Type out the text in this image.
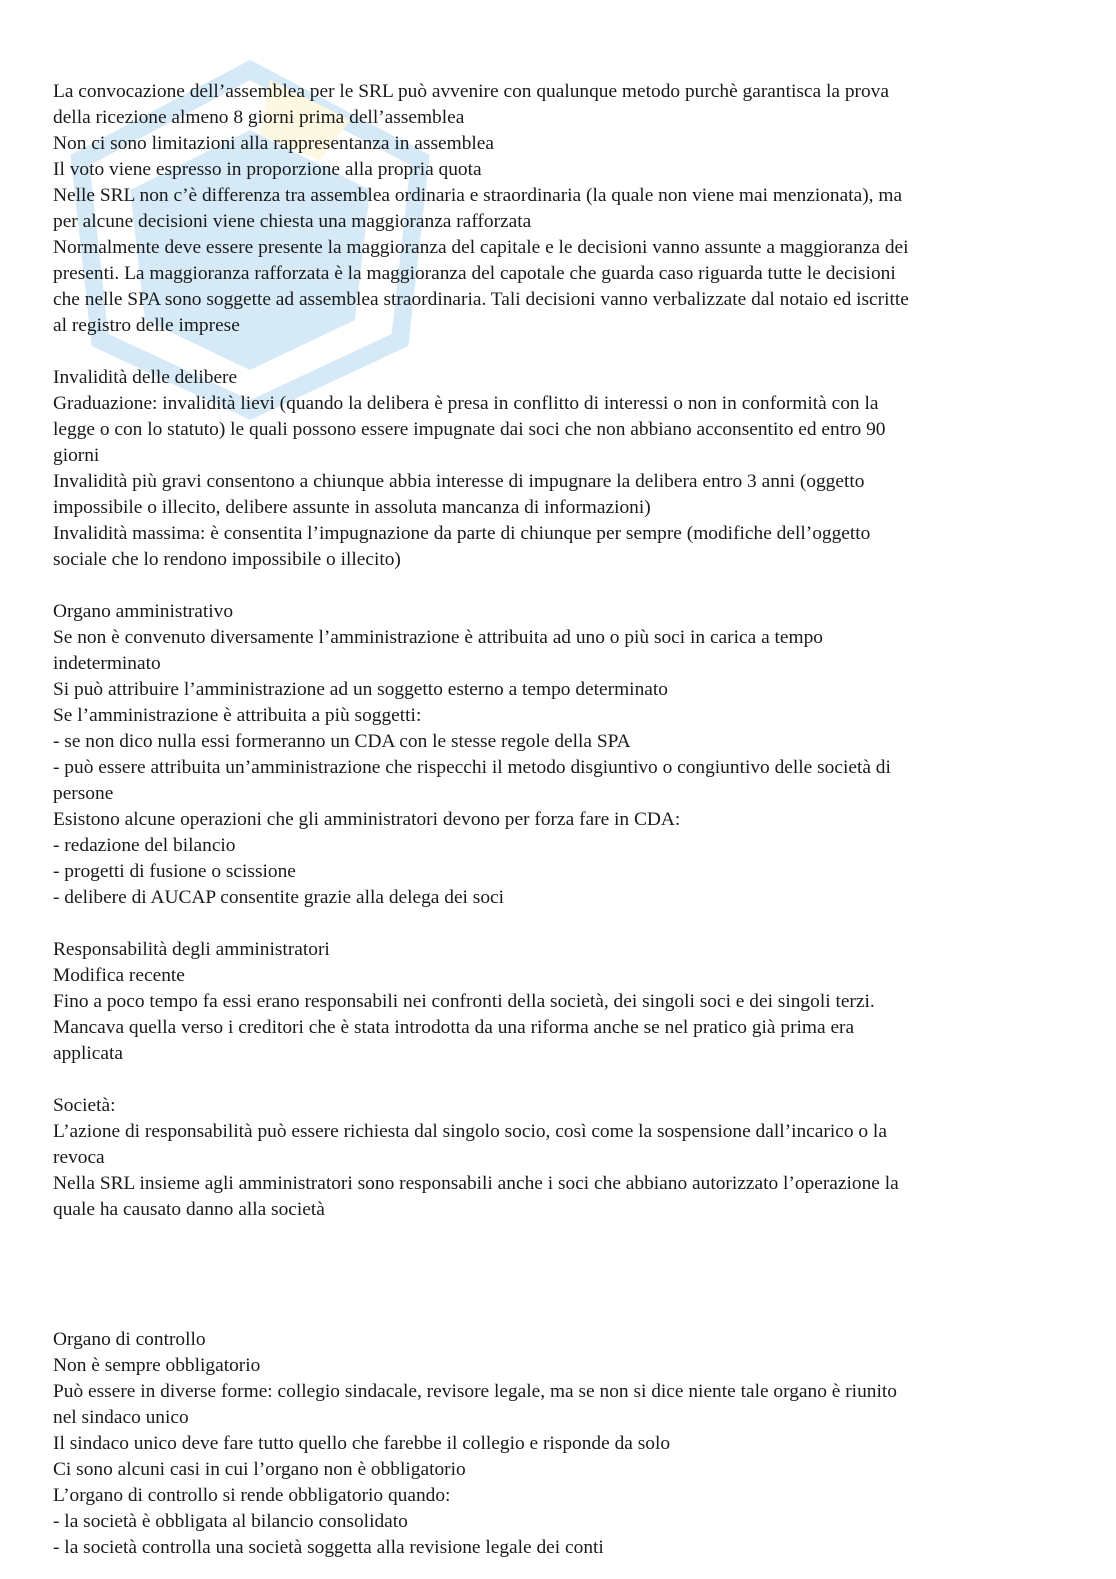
La convocazione dell’assemblea per le SRL può avvenire con qualunque metodo purchè garantisca la prova
della ricezione almeno 8 giorni prima dell’assemblea
Non ci sono limitazioni alla rappresentanza in assemblea
Il voto viene espresso in proporzione alla propria quota
Nelle SRL non c’è differenza tra assemblea ordinaria e straordinaria (la quale non viene mai menzionata), ma
per alcune decisioni viene chiesta una maggioranza rafforzata
Normalmente deve essere presente la maggioranza del capitale e le decisioni vanno assunte a maggioranza dei
presenti. La maggioranza rafforzata è la maggioranza del capotale che guarda caso riguarda tutte le decisioni
che nelle SPA sono soggette ad assemblea straordinaria. Tali decisioni vanno verbalizzate dal notaio ed iscritte
al registro delle imprese
Invalidità delle delibere
Graduazione: invalidità lievi (quando la delibera è presa in conflitto di interessi o non in conformità con la
legge o con lo statuto) le quali possono essere impugnate dai soci che non abbiano acconsentito ed entro 90
giorni
Invalidità più gravi consentono a chiunque abbia interesse di impugnare la delibera entro 3 anni (oggetto
impossibile o illecito, delibere assunte in assoluta mancanza di informazioni)
Invalidità massima: è consentita l’impugnazione da parte di chiunque per sempre (modifiche dell’oggetto
sociale che lo rendono impossibile o illecito)
Organo amministrativo
Se non è convenuto diversamente l’amministrazione è attribuita ad uno o più soci in carica a tempo
indeterminato
Si può attribuire l’amministrazione ad un soggetto esterno a tempo determinato
Se l’amministrazione è attribuita a più soggetti:
- se non dico nulla essi formeranno un CDA con le stesse regole della SPA
- può essere attribuita un’amministrazione che rispecchi il metodo disgiuntivo o congiuntivo delle società di
persone
Esistono alcune operazioni che gli amministratori devono per forza fare in CDA:
- redazione del bilancio
- progetti di fusione o scissione
- delibere di AUCAP consentite grazie alla delega dei soci
Responsabilità degli amministratori
Modifica recente
Fino a poco tempo fa essi erano responsabili nei confronti della società, dei singoli soci e dei singoli terzi.
Mancava quella verso i creditori che è stata introdotta da una riforma anche se nel pratico già prima era
applicata
Società:
L’azione di responsabilità può essere richiesta dal singolo socio, così come la sospensione dall’incarico o la
revoca
Nella SRL insieme agli amministratori sono responsabili anche i soci che abbiano autorizzato l’operazione la
quale ha causato danno alla società
Organo di controllo
Non è sempre obbligatorio
Può essere in diverse forme: collegio sindacale, revisore legale, ma se non si dice niente tale organo è riunito
nel sindaco unico
Il sindaco unico deve fare tutto quello che farebbe il collegio e risponde da solo
Ci sono alcuni casi in cui l’organo non è obbligatorio
L’organo di controllo si rende obbligatorio quando:
- la società è obbligata al bilancio consolidato
- la società controlla una società soggetta alla revisione legale dei conti
